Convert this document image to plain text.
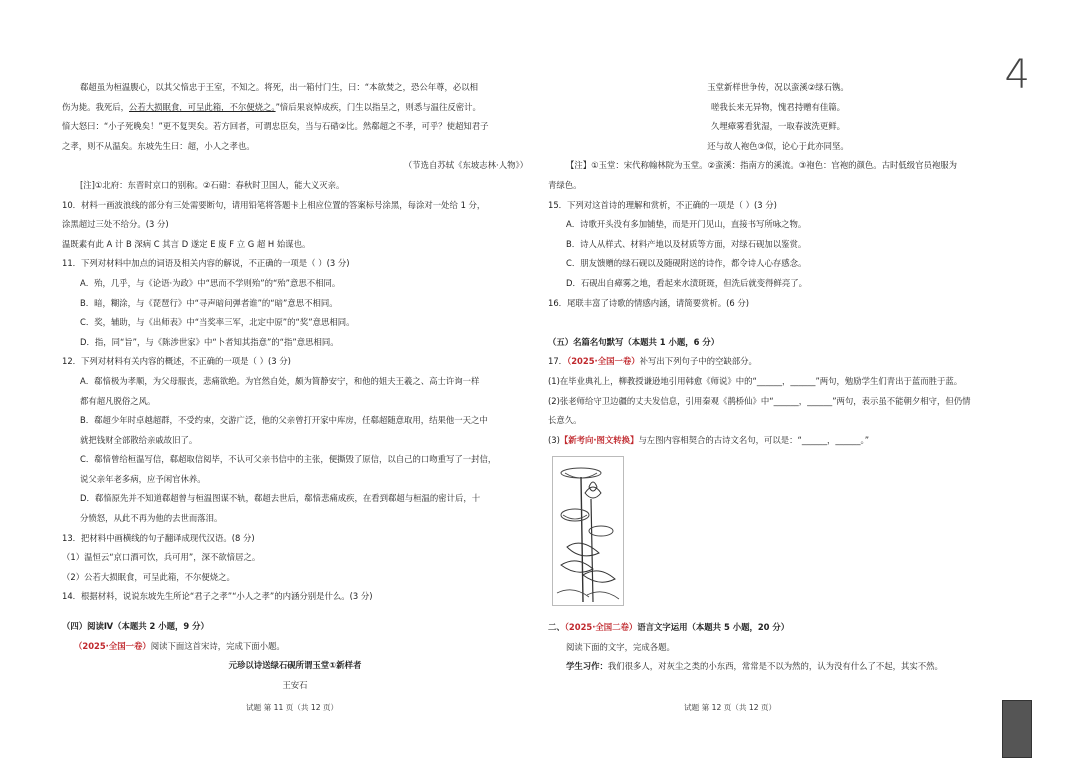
4
郗超虽为桓温腹心，以其父愔忠于王室，不知之。将死，出一箱付门生，曰：“本欲焚之，恐公年尊，必以相
伤为毙。我死后，公若大损眠食，可呈此箱，不尔便烧之。”愔后果哀悼成疾，门生以指呈之，则悉与温往反密计。
愔大怒曰：“小子死晚矣！”更不复哭矣。若方回者，可谓忠臣矣，当与石碏②比。然郗超之不孝，可乎？使超知君子
之孝，则不从温矣。东坡先生曰：超，小人之孝也。
（节选自苏轼《东坡志林·人物》）
[注]①北府：东晋时京口的别称。②石碏：春秋时卫国人，能大义灭亲。
10．材料一画波浪线的部分有三处需要断句，请用铅笔将答题卡上相应位置的答案标号涂黑，每涂对一处给 1 分，
涂黑超过三处不给分。(3 分)
温既素有此 A 计 B 深病 C 其言 D 遂定 E 废 F 立 G 超 H 始谋也。
11．下列对材料中加点的词语及相关内容的解说，不正确的一项是（ ）(3 分)
A．殆，几乎，与《论语·为政》中“思而不学则殆”的“殆”意思不相同。
B．暗，糊涂，与《琵琶行》中“寻声暗问弹者谁”的“暗”意思不相同。
C．奖，辅助，与《出师表》中“当奖率三军，北定中原”的“奖”意思相同。
D．指，同“旨”，与《陈涉世家》中“卜者知其指意”的“指”意思相同。
12．下列对材料有关内容的概述，不正确的一项是（ ）(3 分)
A．郗愔极为孝顺，为父母服丧，悲痛欲绝。为官然自处，颇为简静安宁，和他的姐夫王羲之、高士许询一样
都有超凡脱俗之风。
B．郗超少年时卓越超群，不受约束，交游广泛，他的父亲曾打开家中库房，任郗超随意取用，结果他一天之中
就把钱财全部散给亲戚故旧了。
C．郗愔曾给桓温写信，郗超取信阅毕，不认可父亲书信中的主张，便撕毁了原信，以自己的口吻重写了一封信，
说父亲年老多病，应予闲官休养。
D．郗愔原先并不知道郗超曾与桓温图谋不轨，郗超去世后，郗愔悲痛成疾，在看到郗超与桓温的密计后，十
分愤怒，从此不再为他的去世而落泪。
13．把材料中画横线的句子翻译成现代汉语。(8 分)
（1）温恒云“京口酒可饮，兵可用”，深不欲愔居之。
（2）公若大损眠食，可呈此箱，不尔便烧之。
14．根据材料，说说东坡先生所论“君子之孝”“小人之孝”的内涵分别是什么。(3 分)
（四）阅读Ⅳ（本题共 2 小题，9 分）
（2025·全国一卷）阅读下面这首宋诗，完成下面小题。
元珍以诗送绿石砚所谓玉堂①新样者
王安石
试题 第 11 页（共 12 页）
玉堂新样世争传，况以蛮溪②绿石镌。
嗟我长来无异物，愧君持赠有佳篇。
久埋瘴雾看犹湿，一取春波洗更鲜。
还与故人袍色③似，论心于此亦同坚。
【注】①玉堂：宋代称翰林院为玉堂。②蛮溪：指南方的溪流。③袍色：官袍的颜色。古时低级官员袍服为
青绿色。
15．下列对这首诗的理解和赏析，不正确的一项是（ ）(3 分)
A．诗歌开头没有多加铺垫，而是开门见山，直接书写所咏之物。
B．诗人从样式、材料产地以及材质等方面，对绿石砚加以鉴赏。
C．朋友馈赠的绿石砚以及随砚附送的诗作，都令诗人心存感念。
D．石砚出自瘴雾之地，看起来水渍斑斑，但洗后就变得鲜亮了。
16．尾联丰富了诗歌的情感内涵，请简要赏析。(6 分)
（五）名篇名句默写（本题共 1 小题，6 分）
17．（2025·全国一卷）补写出下列句子中的空缺部分。
(1)在毕业典礼上，柳教授谦逊地引用韩愈《师说》中的“______，______”两句，勉励学生们青出于蓝而胜于蓝。
(2)张老师给守卫边疆的丈夫发信息，引用秦观《鹊桥仙》中“______，______”两句，表示虽不能朝夕相守，但仍情
长意久。
(3)【新考向·图文转换】与左图内容相契合的古诗文名句，可以是：“______，______。”
二、（2025·全国二卷）语言文字运用（本题共 5 小题，20 分）
阅读下面的文字，完成各题。
学生习作：我们很多人，对灰尘之类的小东西，常常是不以为然的，认为没有什么了不起，其实不然。
试题 第 12 页（共 12 页）
